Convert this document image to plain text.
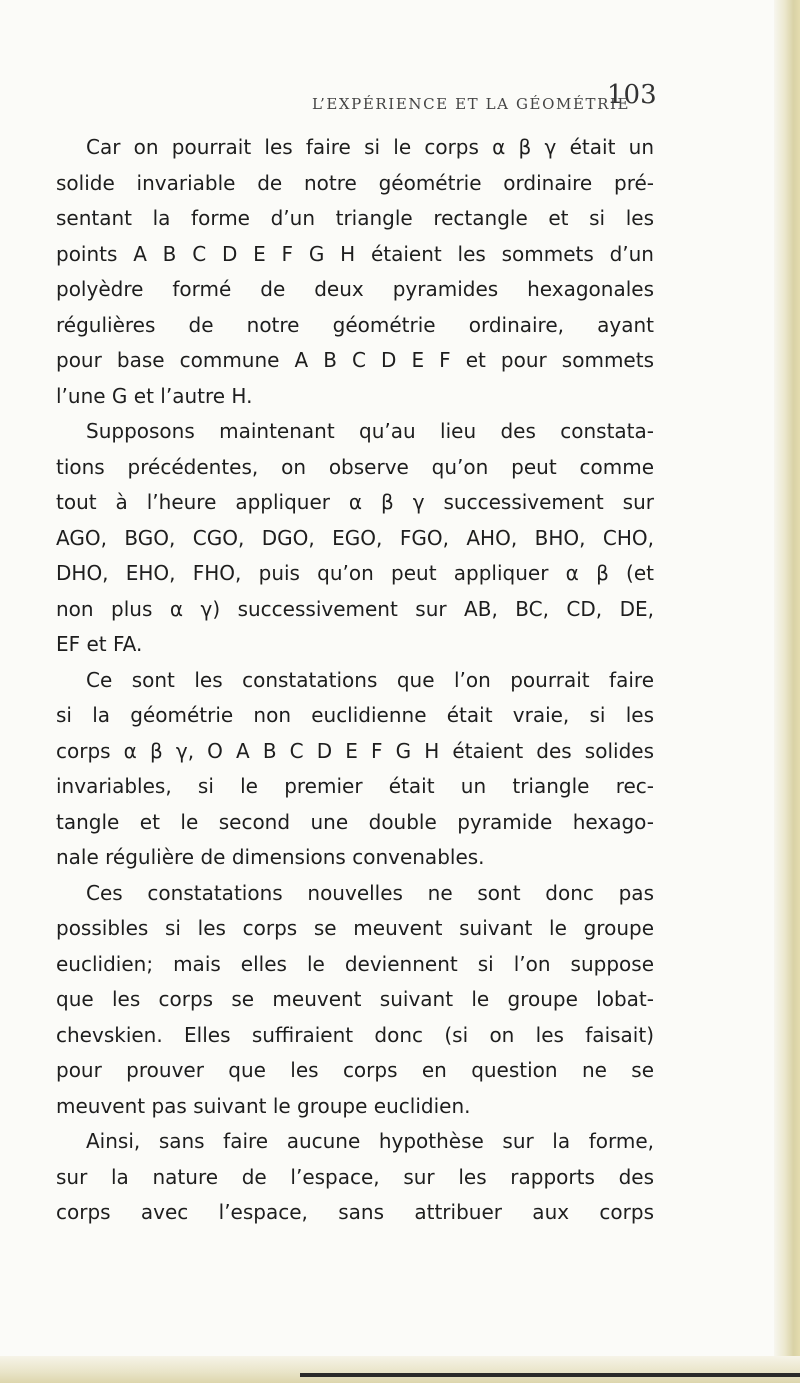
L’EXPÉRIENCE ET LA GÉOMÉTRIE
103
Car on pourrait les faire si le corps α β γ était un
solide invariable de notre géométrie ordinaire pré-
sentant la forme d’un triangle rectangle et si les
points A B C D E F G H étaient les sommets d’un
polyèdre formé de deux pyramides hexagonales
régulières de notre géométrie ordinaire, ayant
pour base commune A B C D E F et pour sommets
l’une G et l’autre H.
Supposons maintenant qu’au lieu des constata-
tions précédentes, on observe qu’on peut comme
tout à l’heure appliquer α β γ successivement sur
AGO, BGO, CGO, DGO, EGO, FGO, AHO, BHO, CHO,
DHO, EHO, FHO, puis qu’on peut appliquer α β (et
non plus α γ) successivement sur AB, BC, CD, DE,
EF et FA.
Ce sont les constatations que l’on pourrait faire
si la géométrie non euclidienne était vraie, si les
corps α β γ, O A B C D E F G H étaient des solides
invariables, si le premier était un triangle rec-
tangle et le second une double pyramide hexago-
nale régulière de dimensions convenables.
Ces constatations nouvelles ne sont donc pas
possibles si les corps se meuvent suivant le groupe
euclidien; mais elles le deviennent si l’on suppose
que les corps se meuvent suivant le groupe lobat-
chevskien. Elles suffiraient donc (si on les faisait)
pour prouver que les corps en question ne se
meuvent pas suivant le groupe euclidien.
Ainsi, sans faire aucune hypothèse sur la forme,
sur la nature de l’espace, sur les rapports des
corps avec l’espace, sans attribuer aux corps
